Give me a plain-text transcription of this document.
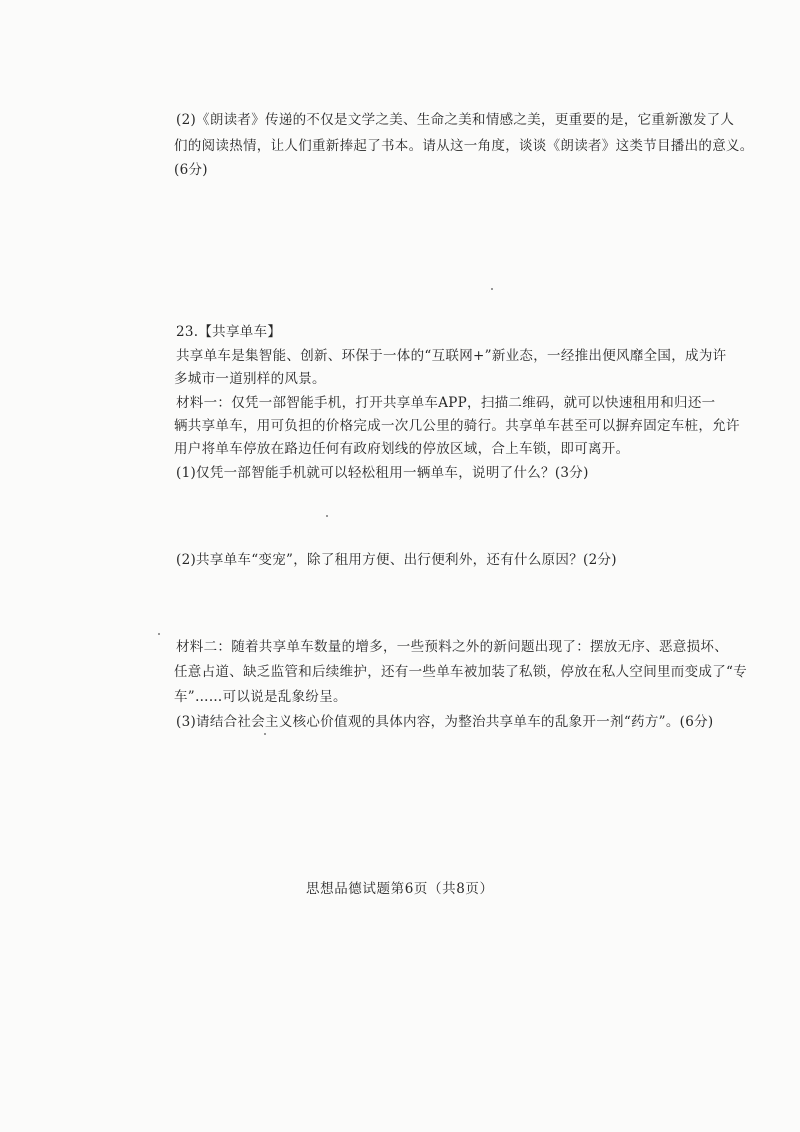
(2)《朗读者》传递的不仅是文学之美、生命之美和情感之美，更重要的是，它重新激发了人
们的阅读热情，让人们重新捧起了书本。请从这一角度，谈谈《朗读者》这类节目播出的意义。
(6分)
23.【共享单车】
共享单车是集智能、创新、环保于一体的“互联网+”新业态，一经推出便风靡全国，成为许
多城市一道别样的风景。
材料一：仅凭一部智能手机，打开共享单车APP，扫描二维码，就可以快速租用和归还一
辆共享单车，用可负担的价格完成一次几公里的骑行。共享单车甚至可以摒弃固定车桩，允许
用户将单车停放在路边任何有政府划线的停放区域，合上车锁，即可离开。
(1)仅凭一部智能手机就可以轻松租用一辆单车，说明了什么？(3分)
(2)共享单车“变宠”，除了租用方便、出行便利外，还有什么原因？(2分)
材料二：随着共享单车数量的增多，一些预料之外的新问题出现了：摆放无序、恶意损坏、
任意占道、缺乏监管和后续维护，还有一些单车被加装了私锁，停放在私人空间里而变成了“专
车”……可以说是乱象纷呈。
(3)请结合社会主义核心价值观的具体内容，为整治共享单车的乱象开一剂“药方”。(6分)
思想品德试题第6页（共8页）
